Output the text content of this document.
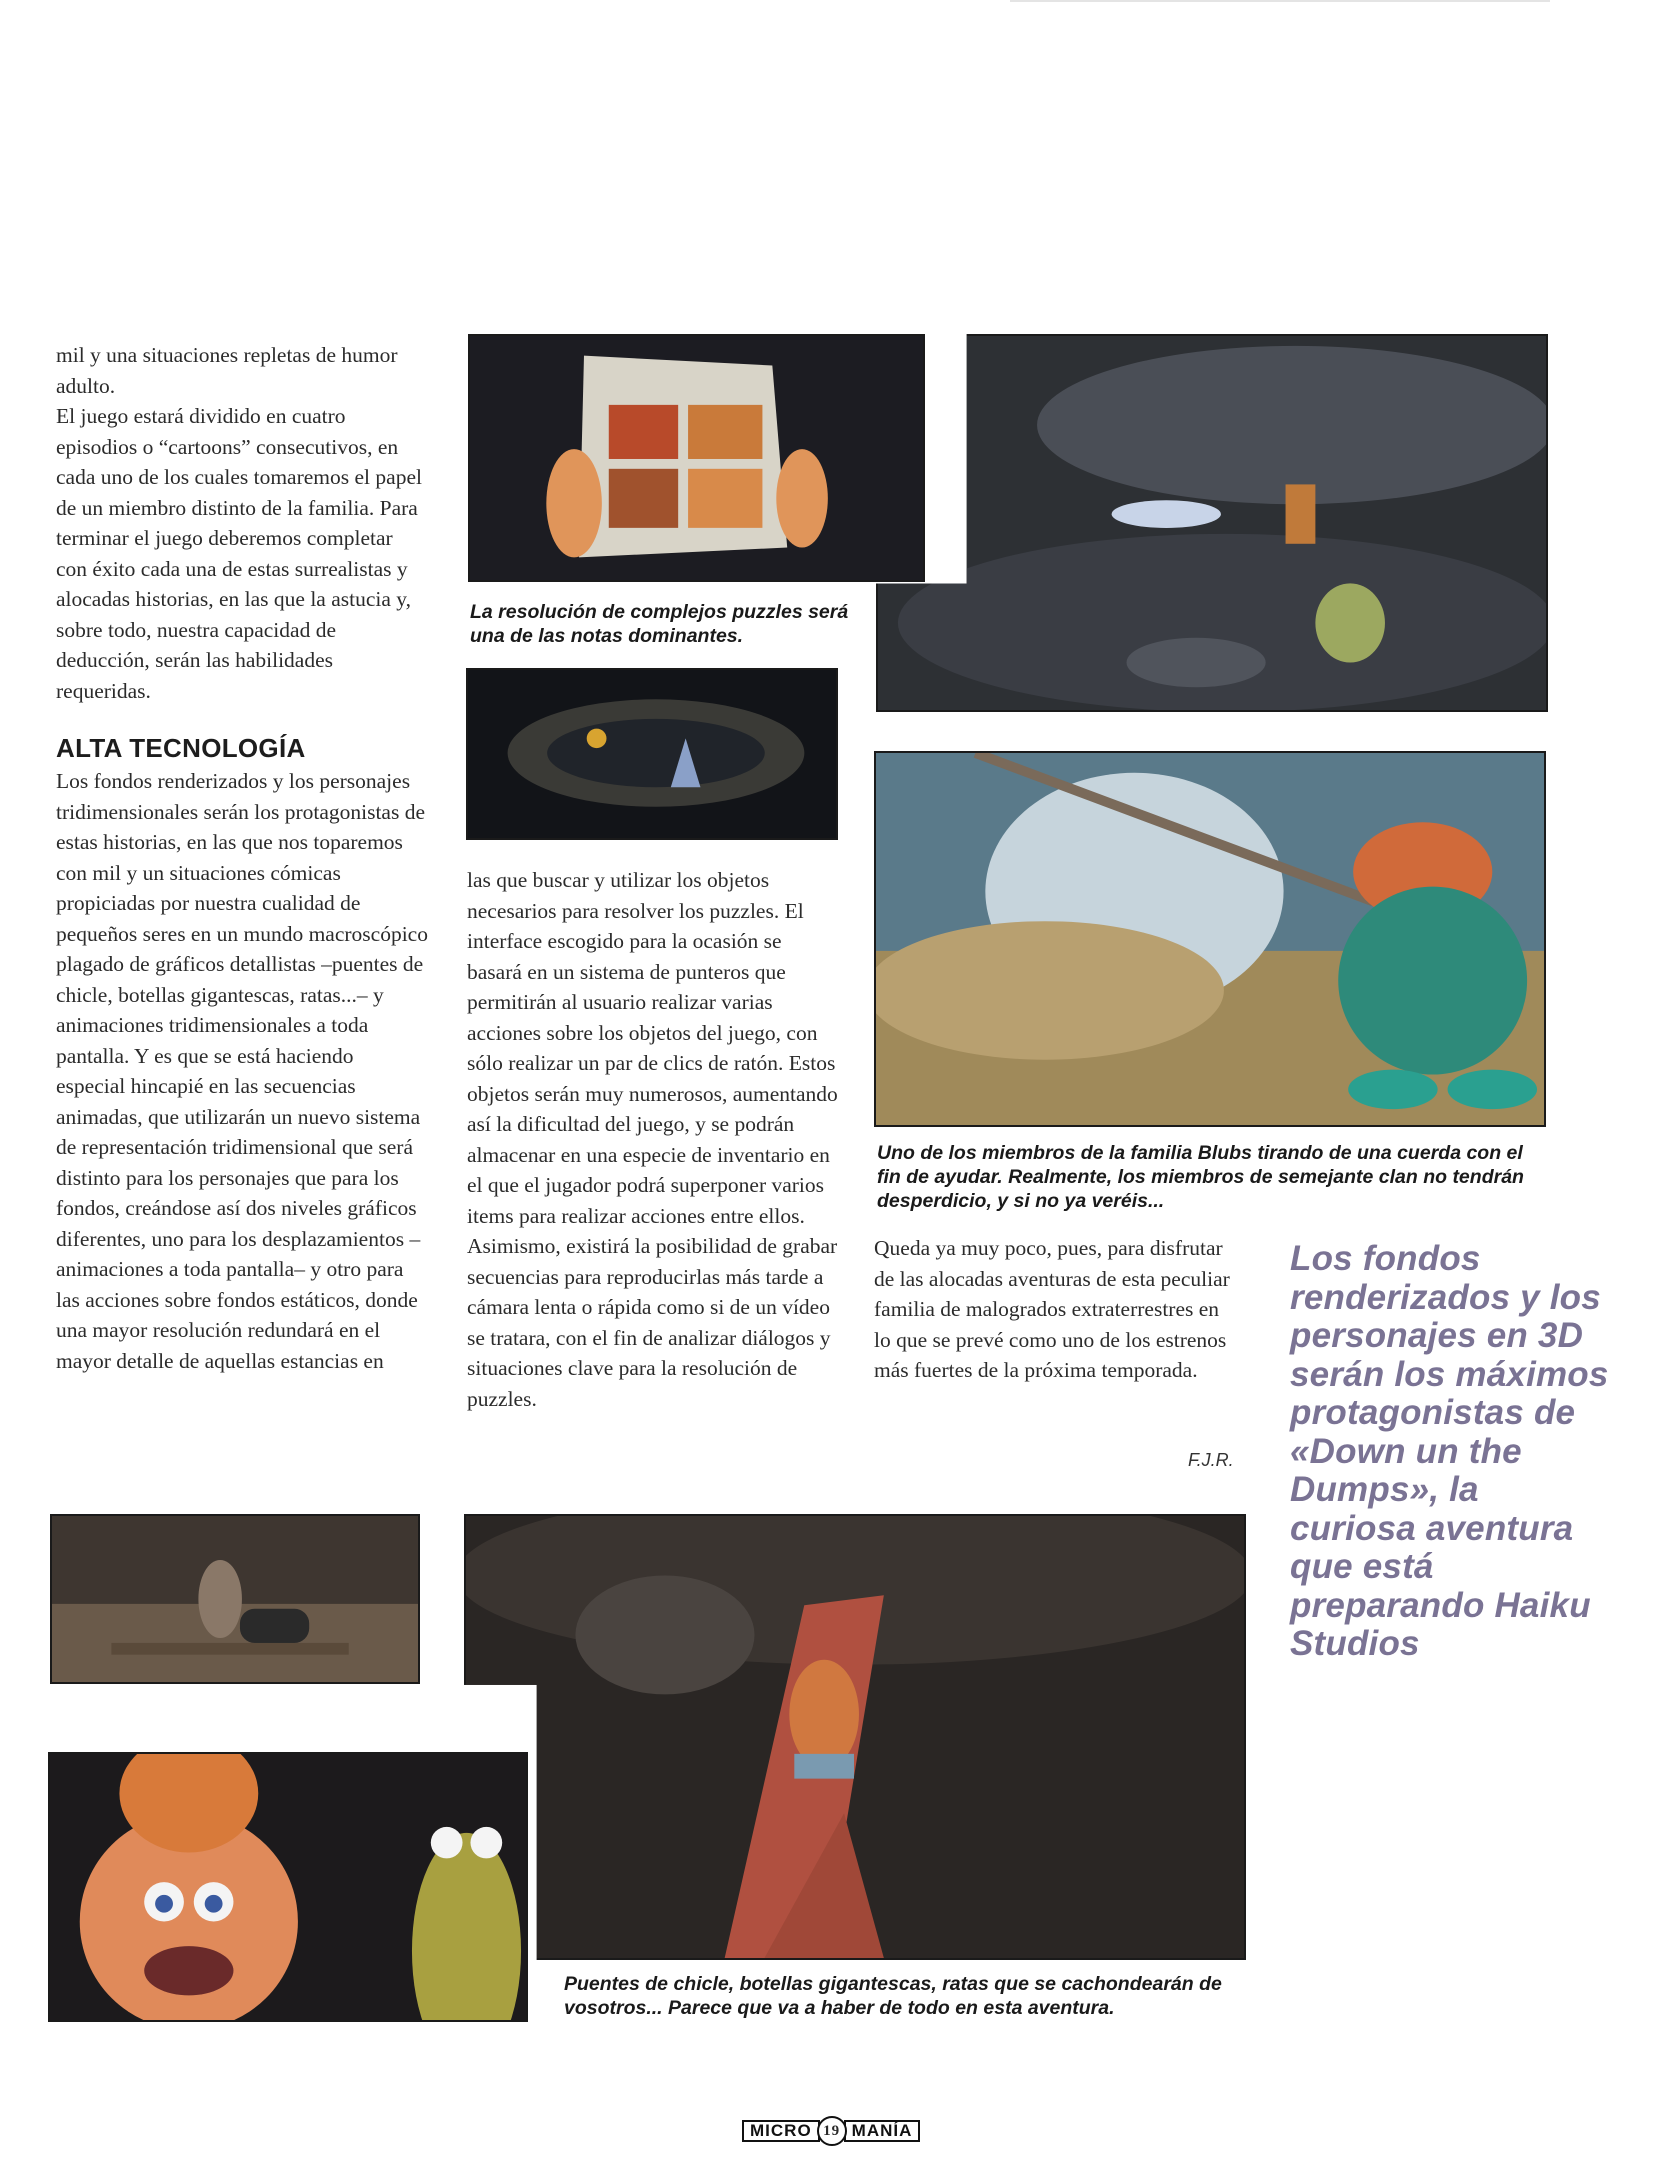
mil y una situaciones repletas de humor adulto.

El juego estará dividido en cuatro episodios o “cartoons” consecutivos, en cada uno de los cuales tomaremos el papel de un miembro distinto de la familia. Para terminar el juego deberemos completar con éxito cada una de estas surrealistas y alocadas historias, en las que la astucia y, sobre todo, nuestra capacidad de deducción, serán las habilidades requeridas.

ALTA TECNOLOGÍA

Los fondos renderizados y los personajes tridimensionales serán los protagonistas de estas historias, en las que nos toparemos con mil y un situaciones cómicas propiciadas por nuestra cualidad de pequeños seres en un mundo macroscópico plagado de gráficos detallistas –puentes de chicle, botellas gigantescas, ratas...– y animaciones tridimensionales a toda pantalla. Y es que se está haciendo especial hincapié en las secuencias animadas, que utilizarán un nuevo sistema de representación tridimensional que será distinto para los personajes que para los fondos, creándose así dos niveles gráficos diferentes, uno para los desplazamientos –animaciones a toda pantalla– y otro para las acciones sobre fondos estáticos, donde una mayor resolución redundará en el mayor detalle de aquellas estancias en

las que buscar y utilizar los objetos necesarios para resolver los puzzles. El interface escogido para la ocasión se basará en un sistema de punteros que permitirán al usuario realizar varias acciones sobre los objetos del juego, con sólo realizar un par de clics de ratón. Estos objetos serán muy numerosos, aumentando así la dificultad del juego, y se podrán almacenar en una especie de inventario en el que el jugador podrá superponer varios items para realizar acciones entre ellos.

Asimismo, existirá la posibilidad de grabar secuencias para reproducirlas más tarde a cámara lenta o rápida como si de un vídeo se tratara, con el fin de analizar diálogos y situaciones clave para la resolución de puzzles.

Queda ya muy poco, pues, para disfrutar de las alocadas aventuras de esta peculiar familia de malogrados extraterrestres en lo que se prevé como uno de los estrenos más fuertes de la próxima temporada.

F.J.R.
Los fondos renderizados y los personajes en 3D serán los máximos protagonistas de «Down un the Dumps», la curiosa aventura que está preparando Haiku Studios
La resolución de complejos puzzles será una de las notas dominantes.
Uno de los miembros de la familia Blubs tirando de una cuerda con el fin de ayudar. Realmente, los miembros de semejante clan no tendrán desperdicio, y si no ya veréis...
Puentes de chicle, botellas gigantescas, ratas que se cachondearán de vosotros... Parece que va a haber de todo en esta aventura.
MICRO 19 MANÍA
